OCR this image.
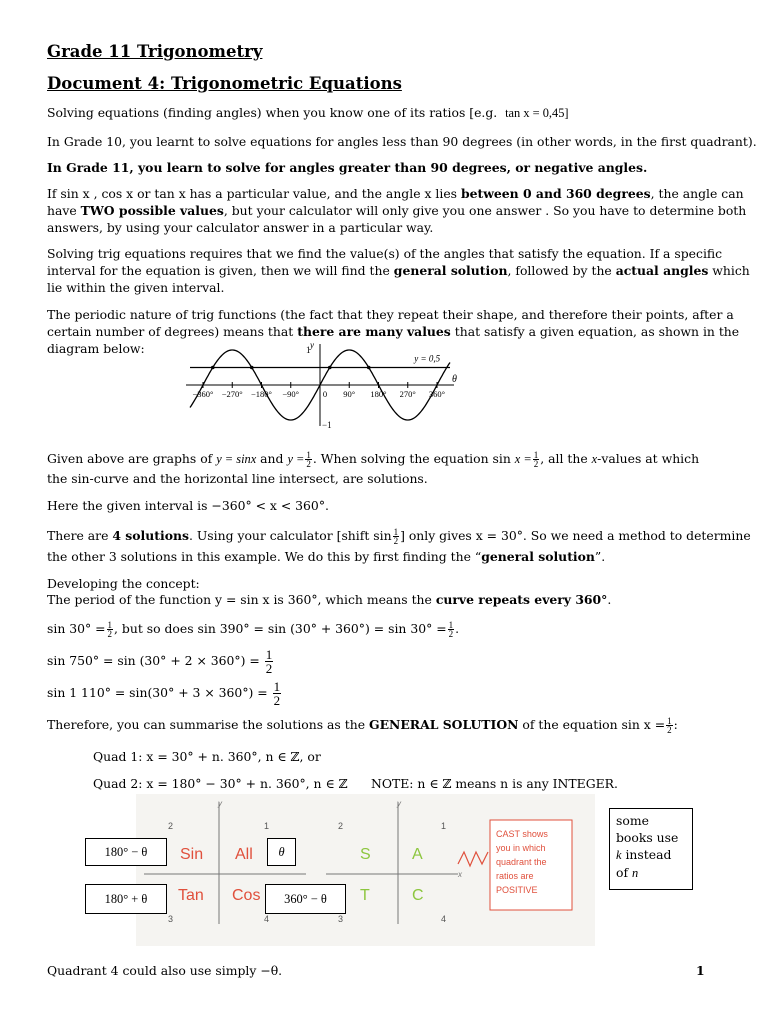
Grade 11 Trigonometry
Document 4: Trigonometric Equations
Solving equations (finding angles) when you know one of its ratios [e.g. tan x = 0,45]
In Grade 10, you learnt to solve equations for angles less than 90 degrees (in other words, in the first quadrant).
In Grade 11, you learn to solve for angles greater than 90 degrees, or negative angles.
If sin x , cos x or tan x has a particular value, and the angle x lies between 0 and 360 degrees, the angle can
have TWO possible values, but your calculator will only give you one answer . So you have to determine both
answers, by using your calculator answer in a particular way.
Solving trig equations requires that we find the value(s) of the angles that satisfy the equation. If a specific
interval for the equation is given, then we will find the general solution, followed by the actual angles which
lie within the given interval.
The periodic nature of trig functions (the fact that they repeat their shape, and therefore their points, after a
certain number of degrees) means that there are many values that satisfy a given equation, as shown in the
diagram below:
−360° −270° −180° −90°	0 90° 180° 270° 360°
y
θ
1
−1
y = 0,5
Given above are graphs of y = sinx and $y = \frac{1}{2}$ . When solving the equation $\sin x = \frac{1}{2}$ , all the x-values at which
the sin-curve and the horizontal line intersect, are solutions.
Here the given interval is −360° < x < 360°.
There are 4 solutions. Using your calculator [shift $\sin \frac{1}{2}$ ] only gives x = 30°. So we need a method to determine
the other 3 solutions in this example. We do this by first finding the “general solution”.
Developing the concept:
The period of the function y = sin x is 360°, which means the curve repeats every 360°.
$\sin 30^\circ = \frac{1}{2}$ , but so does $\sin 390^\circ = \sin (30^\circ + 360^\circ) = \sin 30^\circ = \frac{1}{2}$ .
$\sin 750^\circ = \sin (30^\circ + 2 \times 360^\circ) = \frac{1}{2}$
sin 1 $110^\circ = \sin(30^\circ + 3 \times 360^\circ) = \frac{1}{2}$
Therefore, you can summarise the solutions as the GENERAL SOLUTION of the equation $\sin x = \frac{1}{2}$ :
Quad 1: x = 30° + n. 360°, n ∈ ℤ, or
Quad 2: x = 180° − 30° + n. 360°, n ∈ ℤ NOTE: n ∈ ℤ means n is any INTEGER.
y
2	1
3	4
Sin All
Tan Cos
y
x
2	1
3	4
S	A
T	C
CAST shows you in which quadrant the ratios are POSITIVE
180° − θ	θ
180° + θ	360° − θ
some
books use
k instead
of n
Quadrant 4 could also use simply −θ.	1
